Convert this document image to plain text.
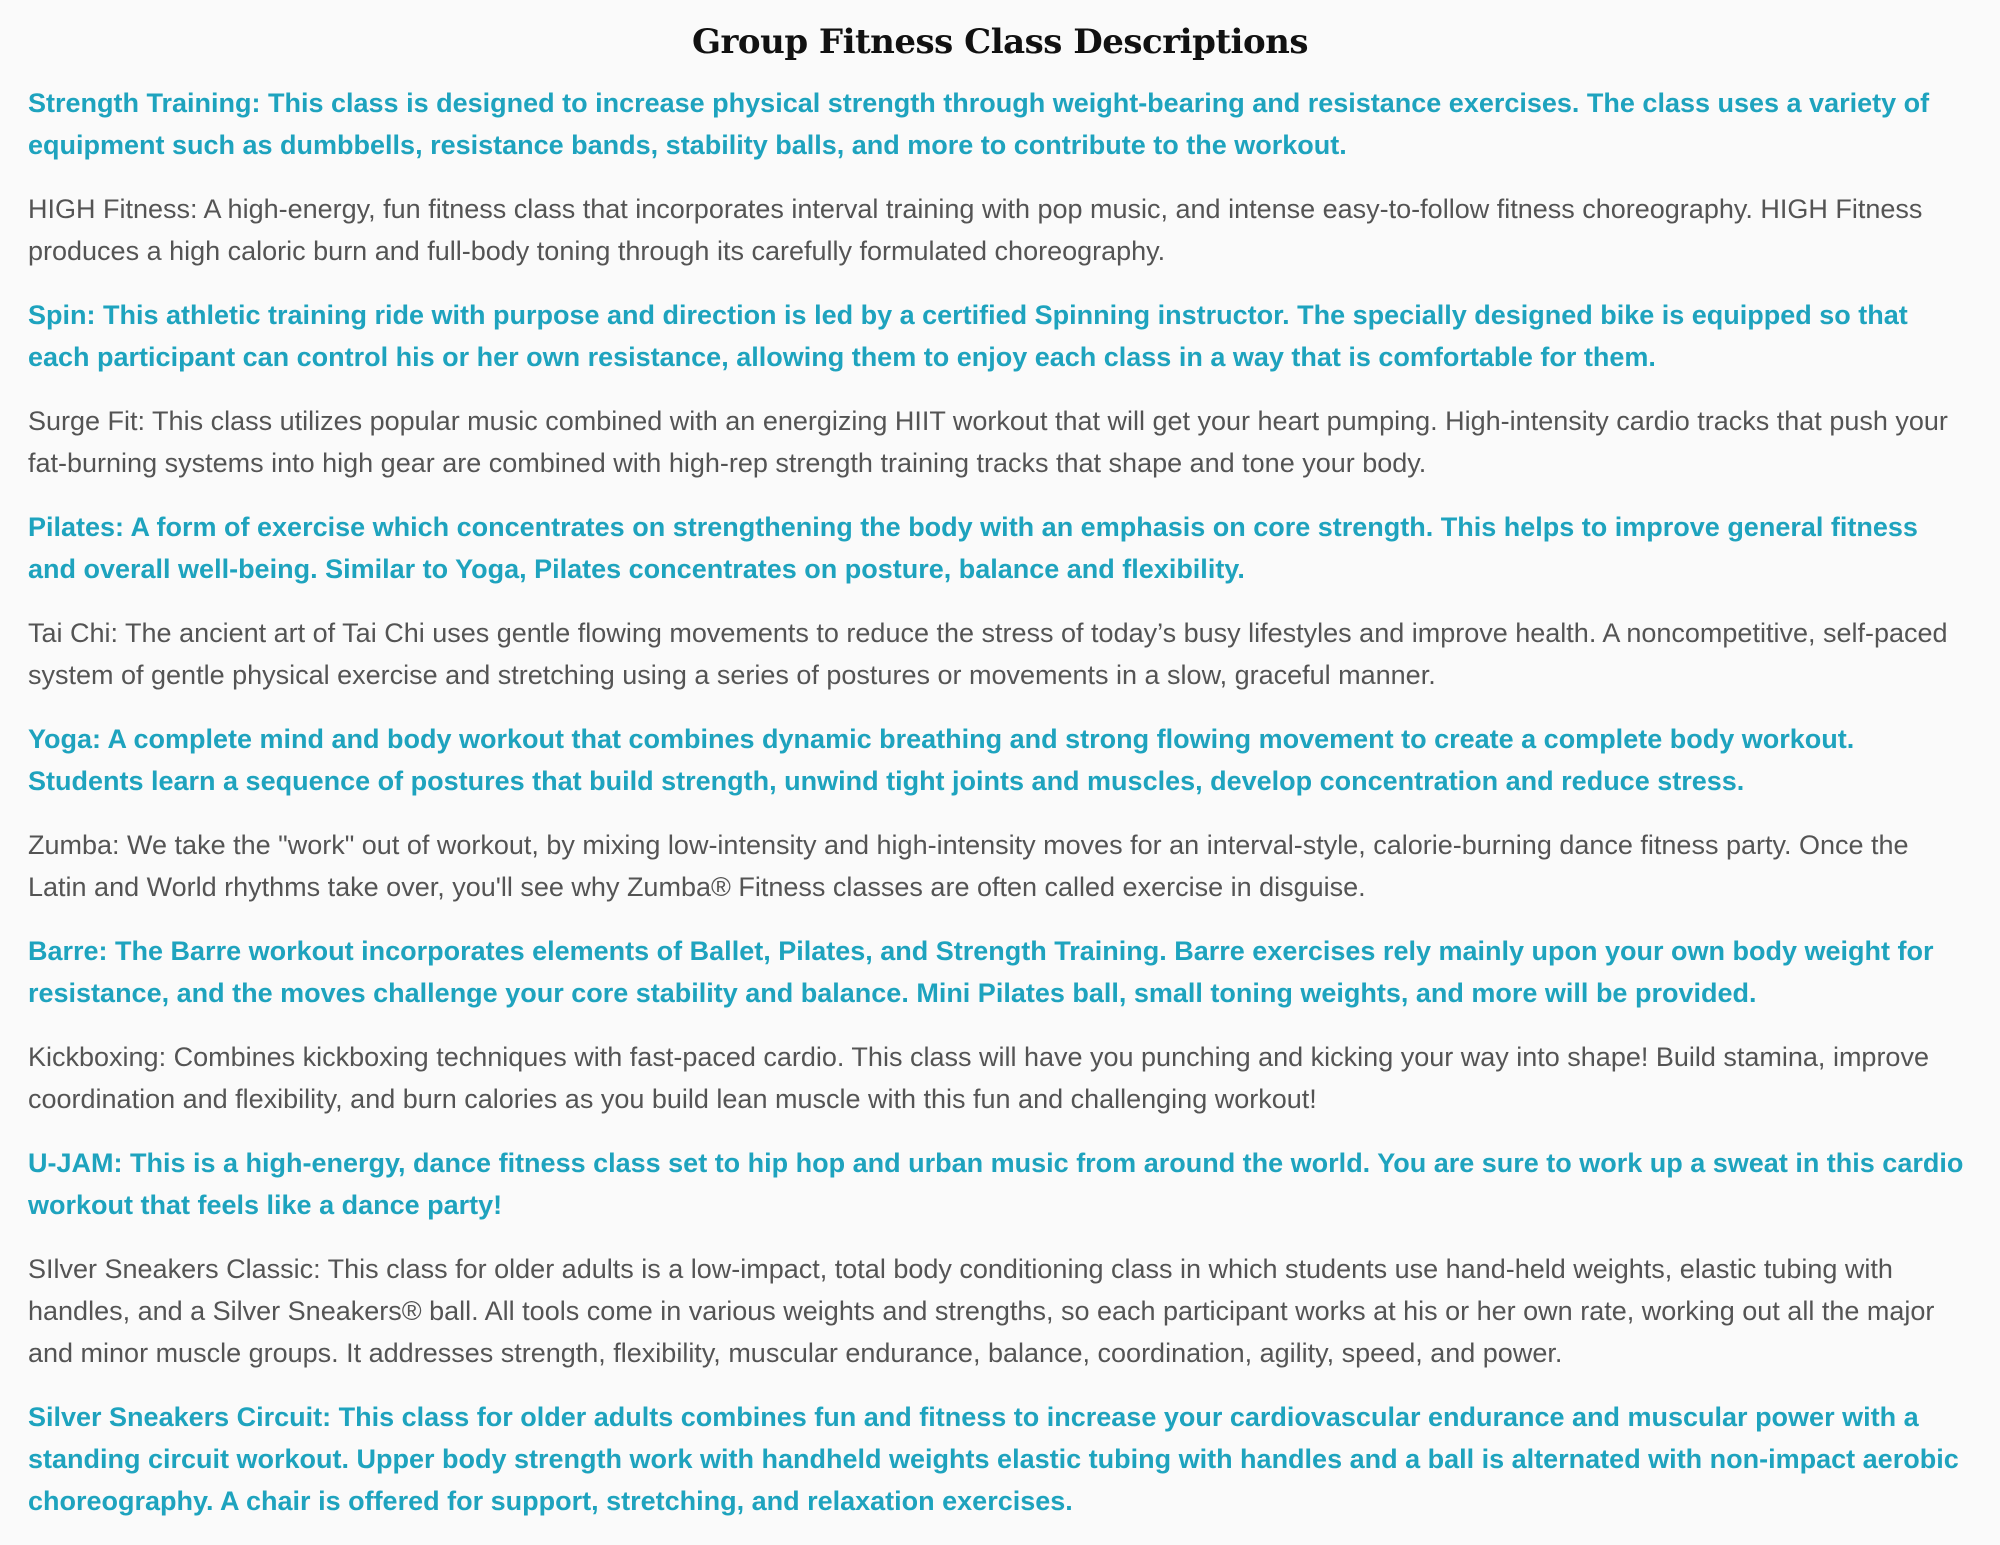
Group Fitness Class Descriptions

Strength Training: This class is designed to increase physical strength through weight-bearing and resistance exercises. The class uses a variety of equipment such as dumbbells, resistance bands, stability balls, and more to contribute to the workout.

HIGH Fitness: A high-energy, fun fitness class that incorporates interval training with pop music, and intense easy-to-follow fitness choreography. HIGH Fitness produces a high caloric burn and full-body toning through its carefully formulated choreography.

Spin: This athletic training ride with purpose and direction is led by a certified Spinning instructor. The specially designed bike is equipped so that each participant can control his or her own resistance, allowing them to enjoy each class in a way that is comfortable for them.

Surge Fit: This class utilizes popular music combined with an energizing HIIT workout that will get your heart pumping. High-intensity cardio tracks that push your fat-burning systems into high gear are combined with high-rep strength training tracks that shape and tone your body.

Pilates: A form of exercise which concentrates on strengthening the body with an emphasis on core strength. This helps to improve general fitness and overall well-being. Similar to Yoga, Pilates concentrates on posture, balance and flexibility.

Tai Chi: The ancient art of Tai Chi uses gentle flowing movements to reduce the stress of today’s busy lifestyles and improve health. A noncompetitive, self-paced system of gentle physical exercise and stretching using a series of postures or movements in a slow, graceful manner.

Yoga: A complete mind and body workout that combines dynamic breathing and strong flowing movement to create a complete body workout. Students learn a sequence of postures that build strength, unwind tight joints and muscles, develop concentration and reduce stress.

Zumba: We take the "work" out of workout, by mixing low-intensity and high-intensity moves for an interval-style, calorie-burning dance fitness party. Once the Latin and World rhythms take over, you'll see why Zumba® Fitness classes are often called exercise in disguise.

Barre: The Barre workout incorporates elements of Ballet, Pilates, and Strength Training. Barre exercises rely mainly upon your own body weight for resistance, and the moves challenge your core stability and balance. Mini Pilates ball, small toning weights, and more will be provided.

Kickboxing: Combines kickboxing techniques with fast-paced cardio. This class will have you punching and kicking your way into shape! Build stamina, improve coordination and flexibility, and burn calories as you build lean muscle with this fun and challenging workout!

U-JAM: This is a high-energy, dance fitness class set to hip hop and urban music from around the world. You are sure to work up a sweat in this cardio workout that feels like a dance party!

SIlver Sneakers Classic: This class for older adults is a low-impact, total body conditioning class in which students use hand-held weights, elastic tubing with handles, and a Silver Sneakers® ball. All tools come in various weights and strengths, so each participant works at his or her own rate, working out all the major and minor muscle groups. It addresses strength, flexibility, muscular endurance, balance, coordination, agility, speed, and power.

Silver Sneakers Circuit: This class for older adults combines fun and fitness to increase your cardiovascular endurance and muscular power with a standing circuit workout. Upper body strength work with handheld weights elastic tubing with handles and a ball is alternated with non-impact aerobic choreography. A chair is offered for support, stretching, and relaxation exercises.
